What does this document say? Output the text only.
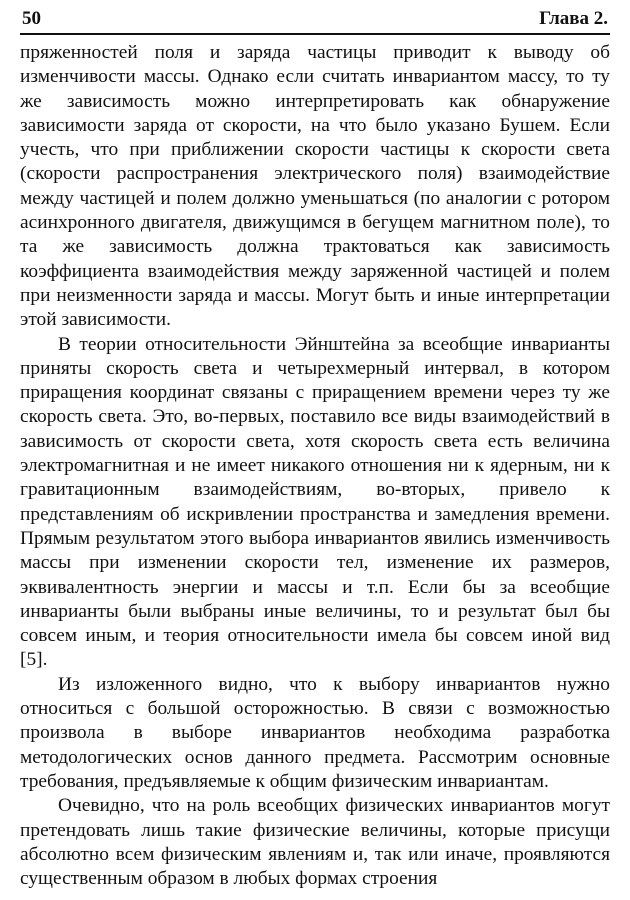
50	Глава 2.

пряженностей поля и заряда частицы приводит к выводу об изменчивости массы. Однако если считать инвариантом массу, то ту же зависимость можно интерпретировать как обнаружение зависимости заряда от скорости, на что было указано Бушем. Если учесть, что при приближении скорости частицы к скорости света (скорости распространения электрического поля) взаимодействие между частицей и полем должно уменьшаться (по аналогии с ротором асинхронного двигателя, движущимся в бегущем магнитном поле), то та же зависимость должна трактоваться как зависимость коэффициента взаимодействия между заряженной частицей и полем при неизменности заряда и массы. Могут быть и иные интерпретации этой зависимости.

В теории относительности Эйнштейна за всеобщие инварианты приняты скорость света и четырехмерный интервал, в котором приращения координат связаны с приращением времени через ту же скорость света. Это, во-первых, поставило все виды взаимодействий в зависимость от скорости света, хотя скорость света есть величина электромагнитная и не имеет никакого отношения ни к ядерным, ни к гравитационным взаимодействиям, во-вторых, привело к представлениям об искривлении пространства и замедления времени. Прямым результатом этого выбора инвариантов явились изменчивость массы при изменении скорости тел, изменение их размеров, эквивалентность энергии и массы и т.п. Если бы за всеобщие инварианты были выбраны иные величины, то и результат был бы совсем иным, и теория относительности имела бы совсем иной вид [5].

Из изложенного видно, что к выбору инвариантов нужно относиться с большой осторожностью. В связи с возможностью произвола в выборе инвариантов необходима разработка методологических основ данного предмета. Рассмотрим основные требования, предъявляемые к общим физическим инвариантам.

Очевидно, что на роль всеобщих физических инвариантов могут претендовать лишь такие физические величины, которые присущи абсолютно всем физическим явлениям и, так или иначе, проявляются существенным образом в любых формах строения
